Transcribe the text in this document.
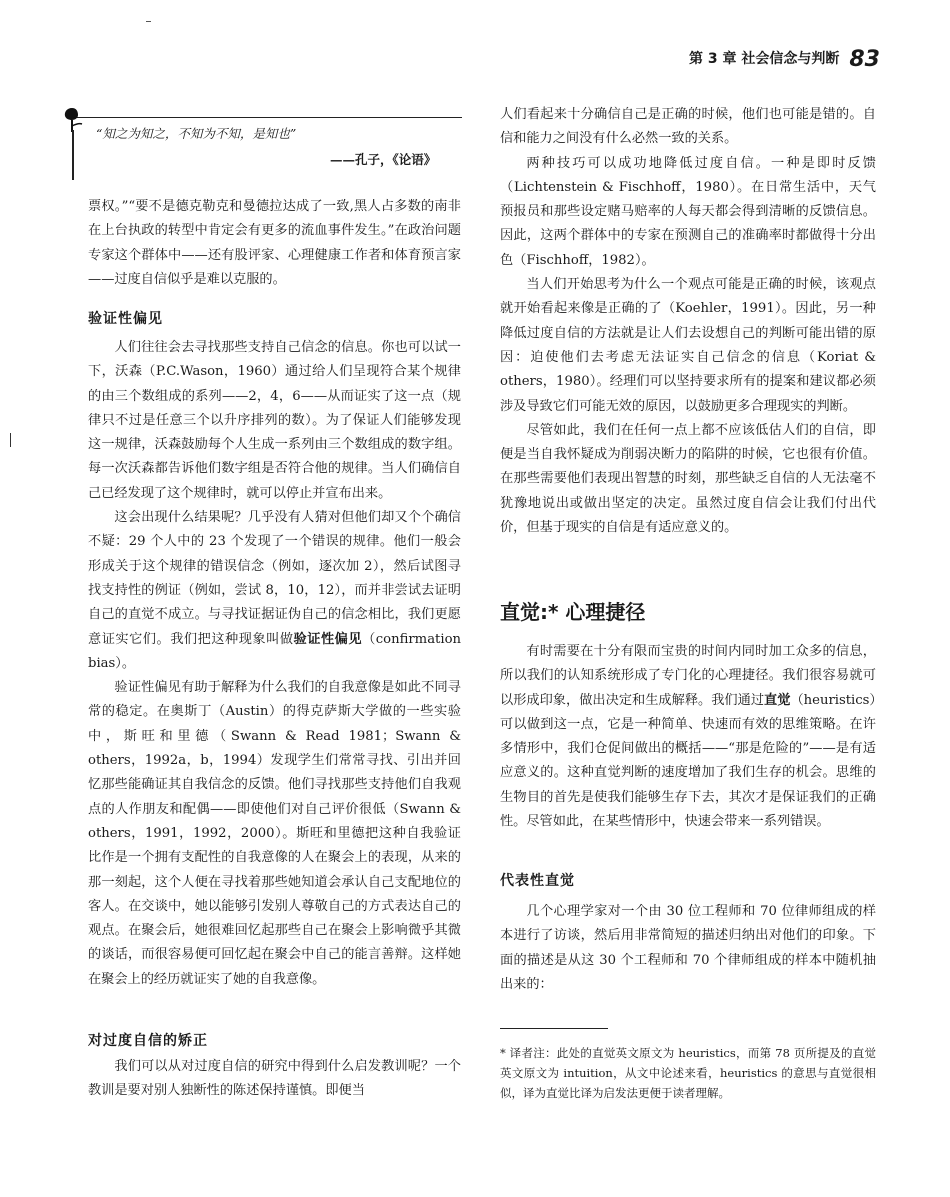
第 3 章 社会信念与判断 83
“知之为知之，不知为不知，是知也”
——孔子，《论语》

票权。”“要不是德克勒克和曼德拉达成了一致,黑人占多数的南非在上台执政的转型中肯定会有更多的流血事件发生。”在政治问题专家这个群体中——还有股评家、心理健康工作者和体育预言家——过度自信似乎是难以克服的。

验证性偏见

人们往往会去寻找那些支持自己信念的信息。你也可以试一下，沃森（P.C.Wason，1960）通过给人们呈现符合某个规律的由三个数组成的系列——2，4，6——从而证实了这一点（规律只不过是任意三个以升序排列的数）。为了保证人们能够发现这一规律，沃森鼓励每个人生成一系列由三个数组成的数字组。每一次沃森都告诉他们数字组是否符合他的规律。当人们确信自己已经发现了这个规律时，就可以停止并宣布出来。

这会出现什么结果呢？几乎没有人猜对但他们却又个个确信不疑：29 个人中的 23 个发现了一个错误的规律。他们一般会形成关于这个规律的错误信念（例如，逐次加 2），然后试图寻找支持性的例证（例如，尝试 8，10，12），而并非尝试去证明自己的直觉不成立。与寻找证据证伪自己的信念相比，我们更愿意证实它们。我们把这种现象叫做验证性偏见（confirmation bias）。

验证性偏见有助于解释为什么我们的自我意像是如此不同寻常的稳定。在奥斯丁（Austin）的得克萨斯大学做的一些实验中，斯旺和里德（Swann & Read 1981；Swann & others，1992a，b，1994）发现学生们常常寻找、引出并回忆那些能确证其自我信念的反馈。他们寻找那些支持他们自我观点的人作朋友和配偶——即使他们对自己评价很低（Swann & others，1991，1992，2000）。斯旺和里德把这种自我验证比作是一个拥有支配性的自我意像的人在聚会上的表现，从来的那一刻起，这个人便在寻找着那些她知道会承认自己支配地位的客人。在交谈中，她以能够引发别人尊敬自己的方式表达自己的观点。在聚会后，她很难回忆起那些自己在聚会上影响微乎其微的谈话，而很容易便可回忆起在聚会中自己的能言善辩。这样她在聚会上的经历就证实了她的自我意像。

对过度自信的矫正

我们可以从对过度自信的研究中得到什么启发教训呢？一个教训是要对别人独断性的陈述保持谨慎。即便当

人们看起来十分确信自己是正确的时候，他们也可能是错的。自信和能力之间没有什么必然一致的关系。

两种技巧可以成功地降低过度自信。一种是即时反馈（Lichtenstein & Fischhoff，1980）。在日常生活中，天气预报员和那些设定赌马赔率的人每天都会得到清晰的反馈信息。因此，这两个群体中的专家在预测自己的准确率时都做得十分出色（Fischhoff，1982）。

当人们开始思考为什么一个观点可能是正确的时候，该观点就开始看起来像是正确的了（Koehler，1991）。因此，另一种降低过度自信的方法就是让人们去设想自己的判断可能出错的原因：迫使他们去考虑无法证实自己信念的信息（Koriat & others，1980）。经理们可以坚持要求所有的提案和建议都必须涉及导致它们可能无效的原因，以鼓励更多合理现实的判断。

尽管如此，我们在任何一点上都不应该低估人们的自信，即便是当自我怀疑成为削弱决断力的陷阱的时候，它也很有价值。在那些需要他们表现出智慧的时刻，那些缺乏自信的人无法毫不犹豫地说出或做出坚定的决定。虽然过度自信会让我们付出代价，但基于现实的自信是有适应意义的。

直觉:* 心理捷径

有时需要在十分有限而宝贵的时间内同时加工众多的信息，所以我们的认知系统形成了专门化的心理捷径。我们很容易就可以形成印象，做出决定和生成解释。我们通过直觉（heuristics）可以做到这一点，它是一种简单、快速而有效的思维策略。在许多情形中，我们仓促间做出的概括——“那是危险的”——是有适应意义的。这种直觉判断的速度增加了我们生存的机会。思维的生物目的首先是使我们能够生存下去，其次才是保证我们的正确性。尽管如此，在某些情形中，快速会带来一系列错误。

代表性直觉

几个心理学家对一个由 30 位工程师和 70 位律师组成的样本进行了访谈，然后用非常简短的描述归纳出对他们的印象。下面的描述是从这 30 个工程师和 70 个律师组成的样本中随机抽出来的：

* 译者注：此处的直觉英文原文为 heuristics，而第 78 页所提及的直觉英文原文为 intuition，从文中论述来看，heuristics 的意思与直觉很相似，译为直觉比译为启发法更便于读者理解。
